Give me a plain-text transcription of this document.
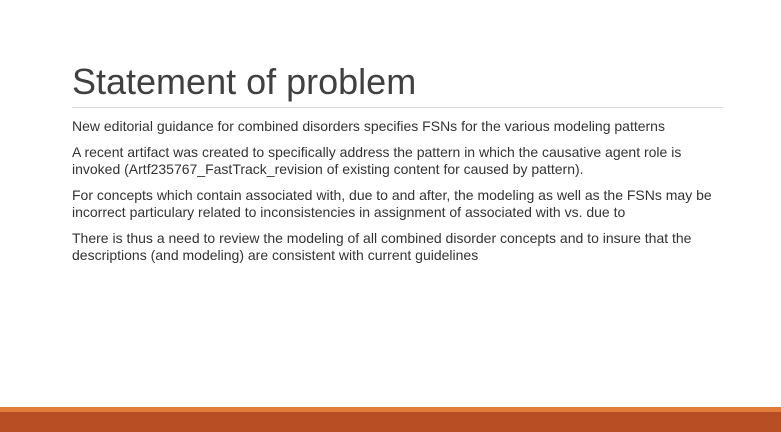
Statement of problem

New editorial guidance for combined disorders specifies FSNs for the various modeling patterns

A recent artifact was created to specifically address the pattern in which the causative agent role is invoked (Artf235767_FastTrack_revision of existing content for caused by pattern).

For concepts which contain associated with, due to and after, the modeling as well as the FSNs may be incorrect particulary related to inconsistencies in assignment of associated with vs. due to

There is thus a need to review the modeling of all combined disorder concepts and to insure that the descriptions (and modeling) are consistent with current guidelines
